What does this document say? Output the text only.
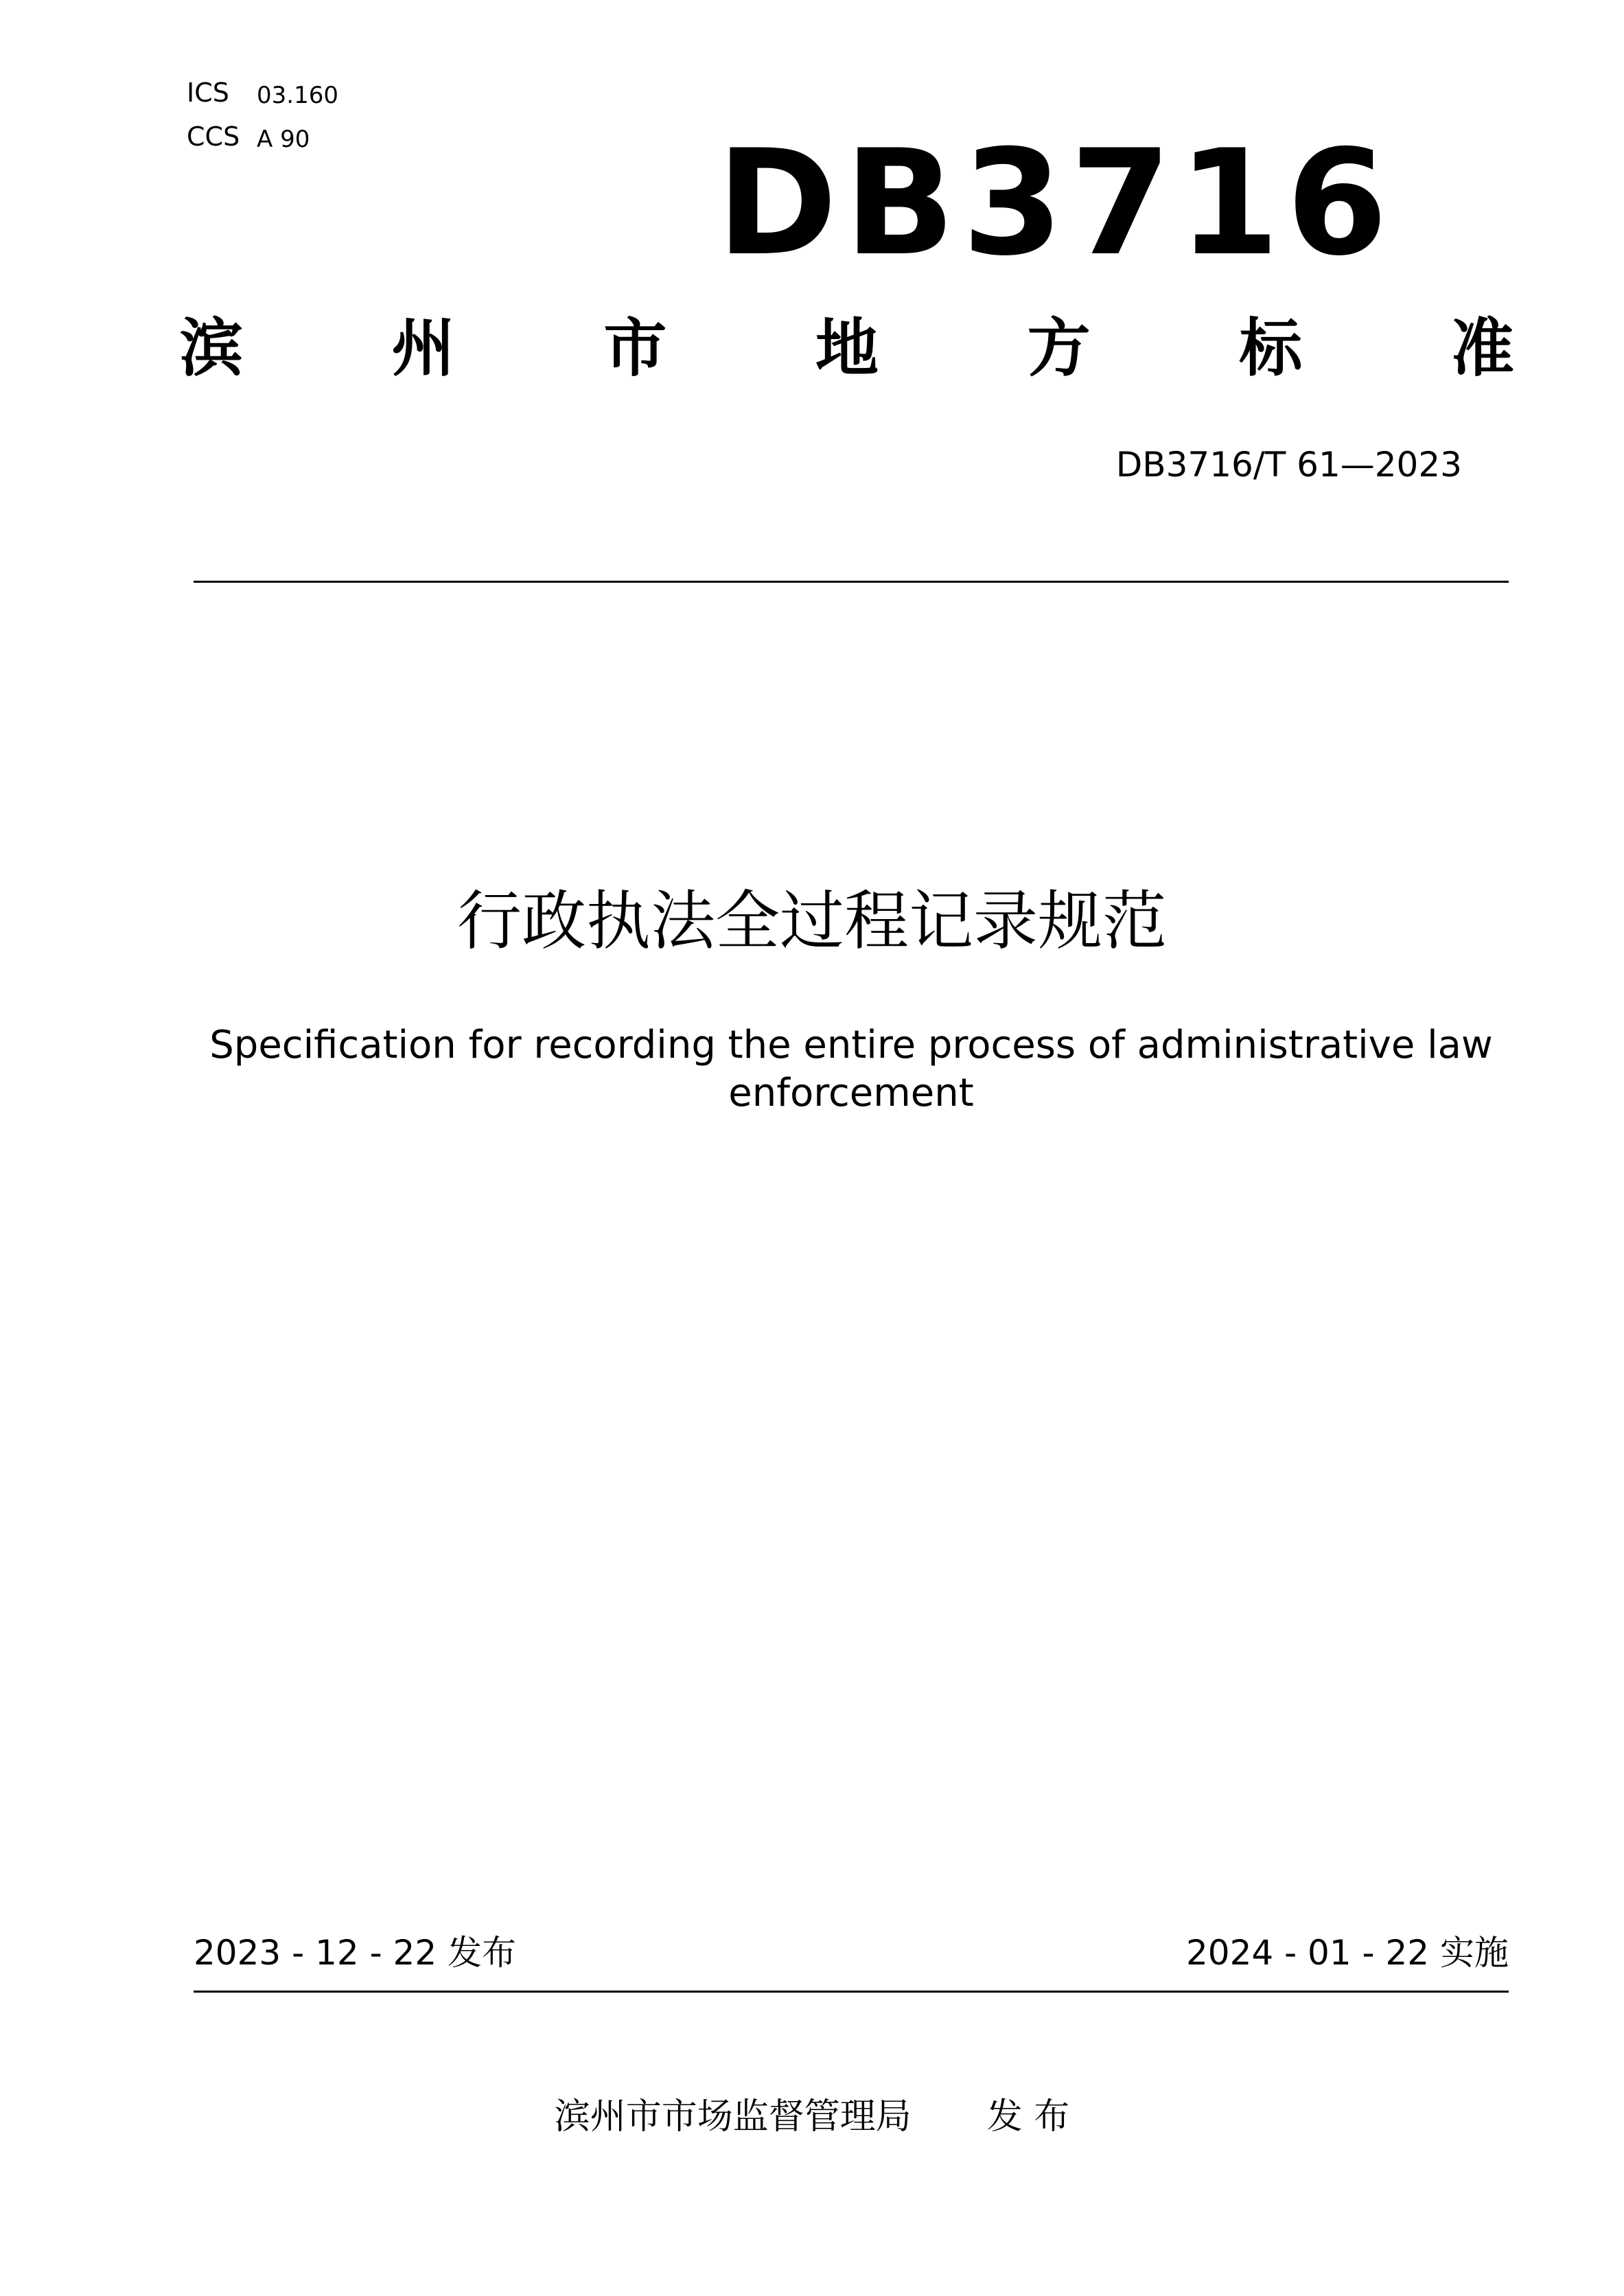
ICS 03.160
CCS A 90	DB3716
滨 州 市 地 方 标 准
DB3716/T 61—2023
行政执法全过程记录规范
Specification for recording the entire process of administrative law enforcement
2023 - 12 - 22 发布	2024 - 01 - 22 实施
滨州市市场监督管理局 发 布
